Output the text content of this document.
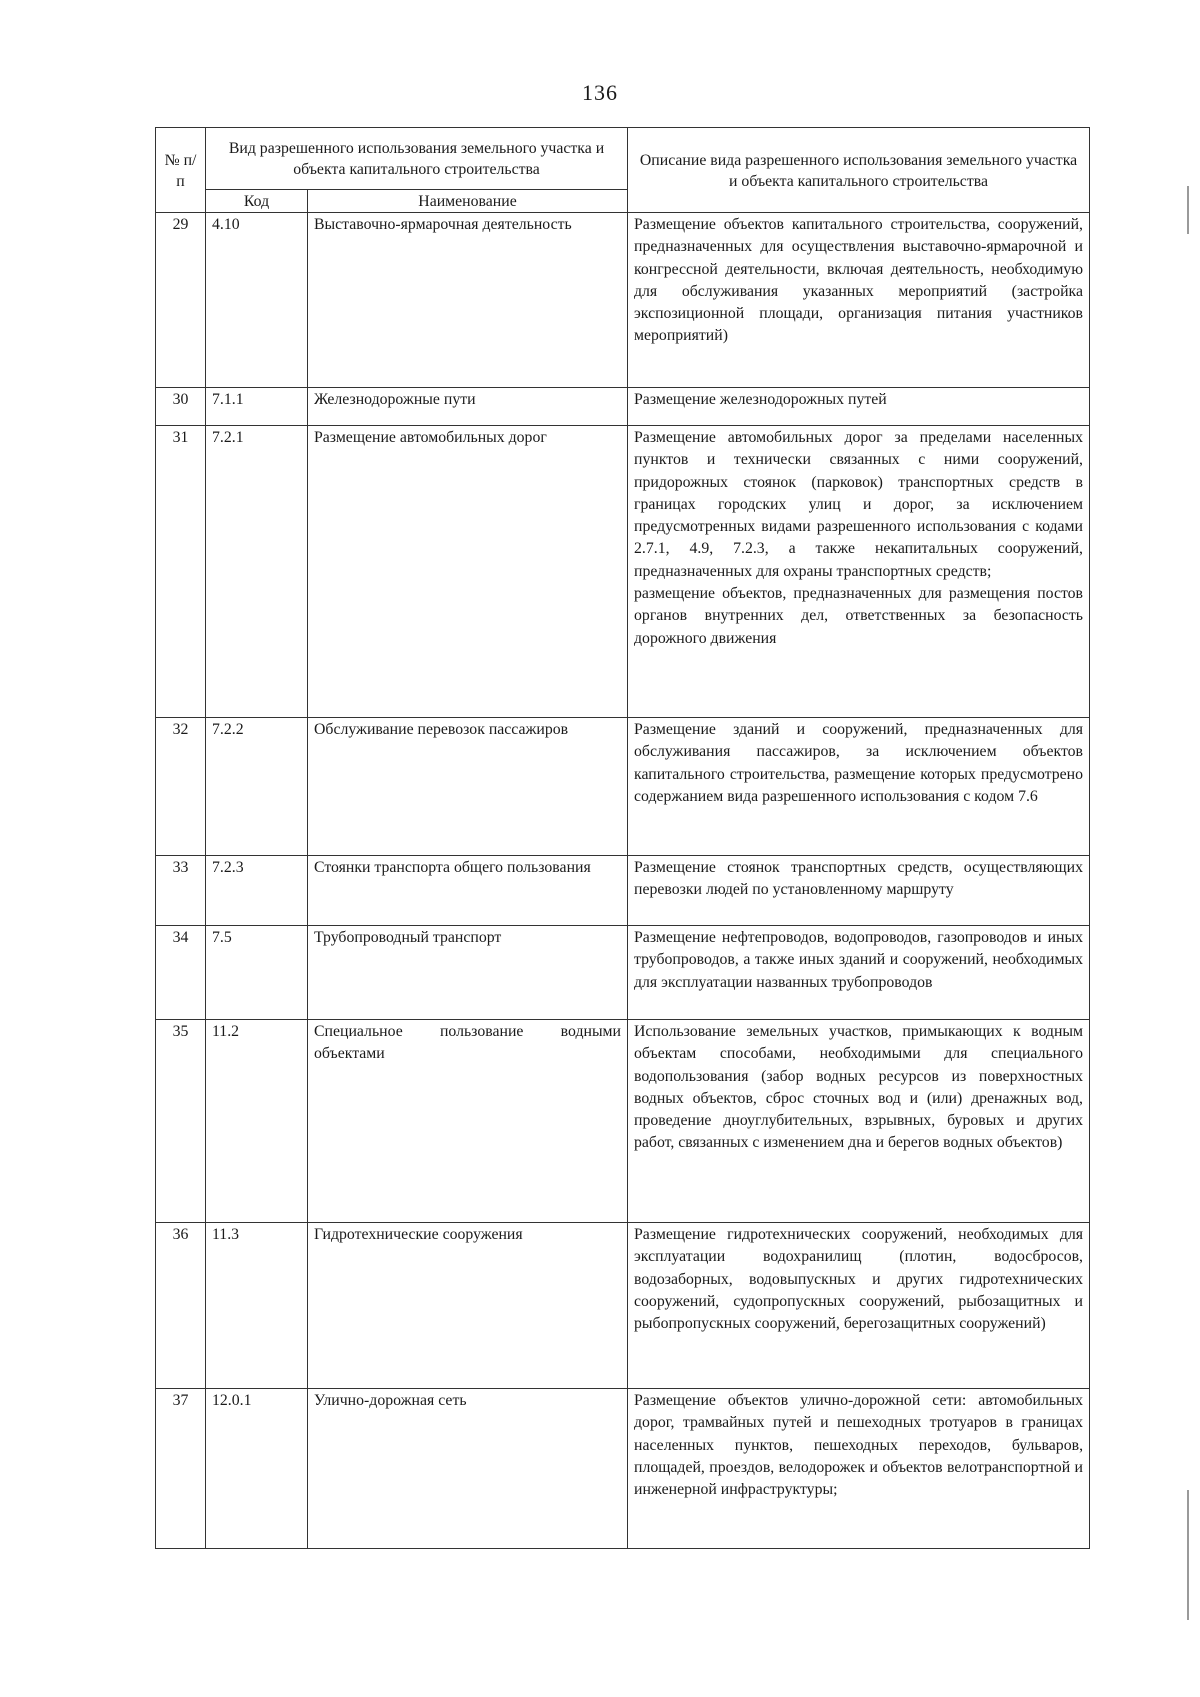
136
№ п/п	Вид разрешенного использования земельного участка и объекта капитального строительства		Описание вида разрешенного использования земельного участка и объекта капитального строительства
	Код	Наименование	
29	4.10	Выставочно-ярмарочная деятельность	Размещение объектов капитального строительства, сооружений, предназначенных для осуществления выставочно-ярмарочной и конгрессной деятельности, включая деятельность, необходимую для обслуживания указанных мероприятий (застройка экспозиционной площади, организация питания участников мероприятий)

30	7.1.1	Железнодорожные пути	Размещение железнодорожных путей

31	7.2.1	Размещение автомобильных дорог	Размещение автомобильных дорог за пределами населенных пунктов и технически связанных с ними сооружений, придорожных стоянок (парковок) транспортных средств в границах городских улиц и дорог, за исключением предусмотренных видами разрешенного использования с кодами 2.7.1, 4.9, 7.2.3, а также некапитальных сооружений, предназначенных для охраны транспортных средств;
размещение объектов, предназначенных для размещения постов органов внутренних дел, ответственных за безопасность дорожного движения

32	7.2.2	Обслуживание перевозок пассажиров	Размещение зданий и сооружений, предназначенных для обслуживания пассажиров, за исключением объектов капитального строительства, размещение которых предусмотрено содержанием вида разрешенного использования с кодом 7.6

33	7.2.3	Стоянки транспорта общего пользования	Размещение стоянок транспортных средств, осуществляющих перевозки людей по установленному маршруту

34	7.5	Трубопроводный транспорт	Размещение нефтепроводов, водопроводов, газопроводов и иных трубопроводов, а также иных зданий и сооружений, необходимых для эксплуатации названных трубопроводов

35	11.2	Специальное пользование водными объектами	Использование земельных участков, примыкающих к водным объектам способами, необходимыми для специального водопользования (забор водных ресурсов из поверхностных водных объектов, сброс сточных вод и (или) дренажных вод, проведение дноуглубительных, взрывных, буровых и других работ, связанных с изменением дна и берегов водных объектов)

36	11.3	Гидротехнические сооружения	Размещение гидротехнических сооружений, необходимых для эксплуатации водохранилищ (плотин, водосбросов, водозаборных, водовыпускных и других гидротехнических сооружений, судопропускных сооружений, рыбозащитных и рыбопропускных сооружений, берегозащитных сооружений)

37	12.0.1	Улично-дорожная сеть	Размещение объектов улично-дорожной сети: автомобильных дорог, трамвайных путей и пешеходных тротуаров в границах населенных пунктов, пешеходных переходов, бульваров, площадей, проездов, велодорожек и объектов велотранспортной и инженерной инфраструктуры;
